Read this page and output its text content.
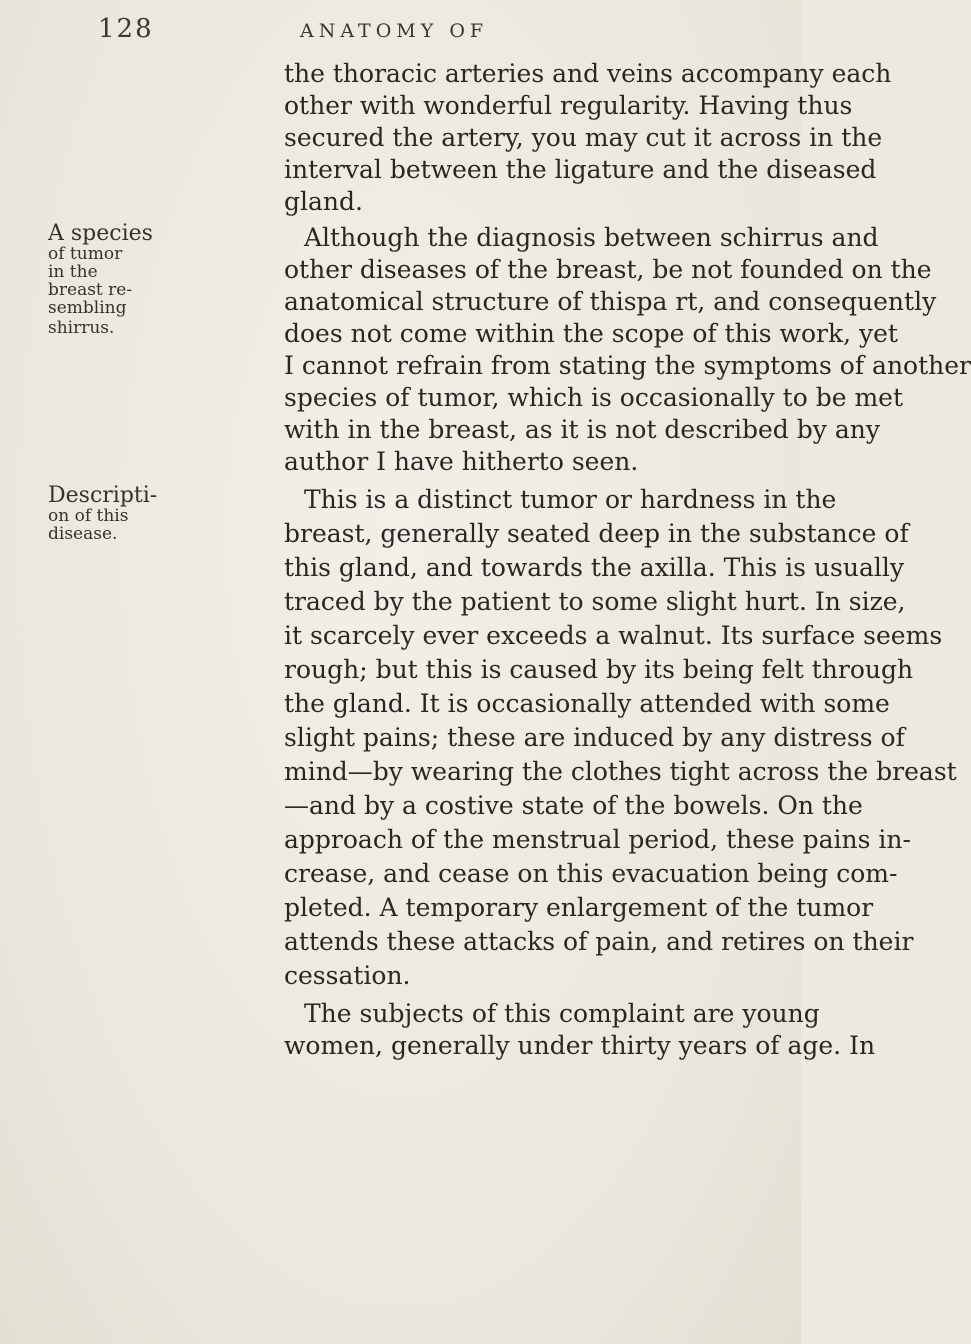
128	ANATOMY OF
the thoracic arteries and veins accompany each
other with wonderful regularity. Having thus
secured the artery, you may cut it across in the
interval between the ligature and the diseased
gland.
Although the diagnosis between schirrus and
other diseases of the breast, be not founded on the
anatomical structure of thispa rt, and consequently
does not come within the scope of this work, yet
I cannot refrain from stating the symptoms of another
species of tumor, which is occasionally to be met
with in the breast, as it is not described by any
author I have hitherto seen.
This is a distinct tumor or hardness in the
breast, generally seated deep in the substance of
this gland, and towards the axilla. This is usually
traced by the patient to some slight hurt. In size,
it scarcely ever exceeds a walnut. Its surface seems
rough; but this is caused by its being felt through
the gland. It is occasionally attended with some
slight pains; these are induced by any distress of
mind—by wearing the clothes tight across the breast
—and by a costive state of the bowels. On the
approach of the menstrual period, these pains in-
crease, and cease on this evacuation being com-
pleted. A temporary enlargement of the tumor
attends these attacks of pain, and retires on their
cessation.
The subjects of this complaint are young
women, generally under thirty years of age. In
A species
of tumor
in the
breast re-
sembling
shirrus.
Descripti-
on of this
disease.
